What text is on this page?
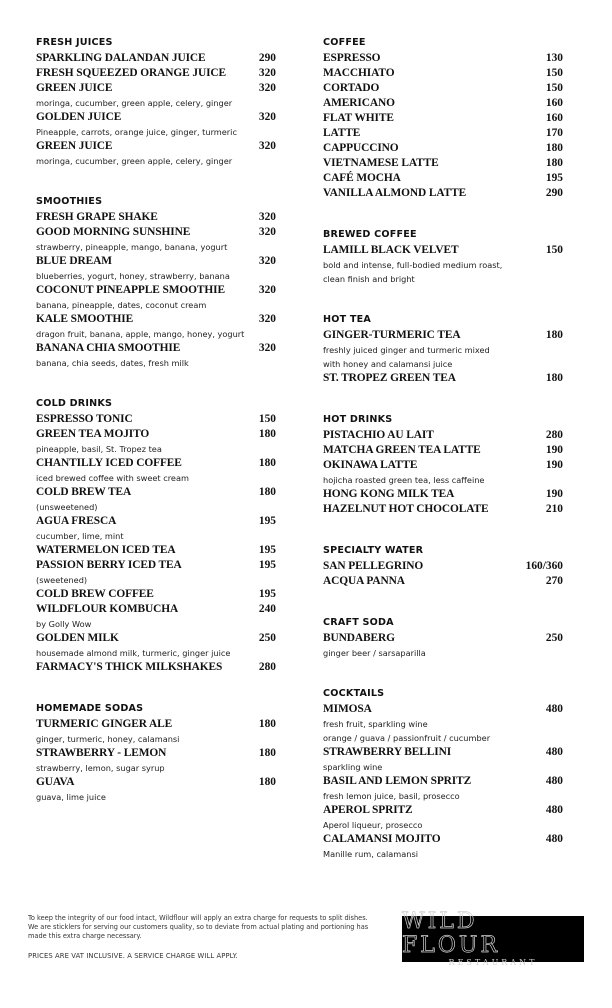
FRESH JUICES
SPARKLING DALANDAN JUICE	290
FRESH SQUEEZED ORANGE JUICE	320
GREEN JUICE	320
moringa, cucumber, green apple, celery, ginger
GOLDEN JUICE	320
Pineapple, carrots, orange juice, ginger, turmeric
GREEN JUICE	320
moringa, cucumber, green apple, celery, ginger
SMOOTHIES
FRESH GRAPE SHAKE	320
GOOD MORNING SUNSHINE	320
strawberry, pineapple, mango, banana, yogurt
BLUE DREAM	320
blueberries, yogurt, honey, strawberry, banana
COCONUT PINEAPPLE SMOOTHIE	320
banana, pineapple, dates, coconut cream
KALE SMOOTHIE	320
dragon fruit, banana, apple, mango, honey, yogurt
BANANA CHIA SMOOTHIE	320
banana, chia seeds, dates, fresh milk
COLD DRINKS
ESPRESSO TONIC	150
GREEN TEA MOJITO	180
pineapple, basil, St. Tropez tea
CHANTILLY ICED COFFEE	180
iced brewed coffee with sweet cream
COLD BREW TEA	180
(unsweetened)
AGUA FRESCA	195
cucumber, lime, mint
WATERMELON ICED TEA	195
PASSION BERRY ICED TEA	195
(sweetened)
COLD BREW COFFEE	195
WILDFLOUR KOMBUCHA	240
by Golly Wow
GOLDEN MILK	250
housemade almond milk, turmeric, ginger juice
FARMACY'S THICK MILKSHAKES	280
HOMEMADE SODAS
TURMERIC GINGER ALE	180
ginger, turmeric, honey, calamansi
STRAWBERRY - LEMON	180
strawberry, lemon, sugar syrup
GUAVA	180
guava, lime juice
COFFEE
ESPRESSO	130
MACCHIATO	150
CORTADO	150
AMERICANO	160
FLAT WHITE	160
LATTE	170
CAPPUCCINO	180
VIETNAMESE LATTE	180
CAFÉ MOCHA	195
VANILLA ALMOND LATTE	290
BREWED COFFEE
LAMILL BLACK VELVET	150
bold and intense, full-bodied medium roast,
clean finish and bright
HOT TEA
GINGER-TURMERIC TEA	180
freshly juiced ginger and turmeric mixed
with honey and calamansi juice
ST. TROPEZ GREEN TEA	180
HOT DRINKS
PISTACHIO AU LAIT	280
MATCHA GREEN TEA LATTE	190
OKINAWA LATTE	190
hojicha roasted green tea, less caffeine
HONG KONG MILK TEA	190
HAZELNUT HOT CHOCOLATE	210
SPECIALTY WATER
SAN PELLEGRINO	160/360
ACQUA PANNA	270
CRAFT SODA
BUNDABERG	250
ginger beer / sarsaparilla
COCKTAILS
MIMOSA	480
fresh fruit, sparkling wine
orange / guava / passionfruit / cucumber
STRAWBERRY BELLINI	480
sparkling wine
BASIL AND LEMON SPRITZ	480
fresh lemon juice, basil, prosecco
APEROL SPRITZ	480
Aperol liqueur, prosecco
CALAMANSI MOJITO	480
Manille rum, calamansi
To keep the integrity of our food intact, Wildflour will apply an extra charge for requests to split dishes.
We are sticklers for serving our customers quality, so to deviate from actual plating and portioning has
made this extra charge necessary.
PRICES ARE VAT INCLUSIVE. A SERVICE CHARGE WILL APPLY.
WILD FLOUR
RESTAURANT
